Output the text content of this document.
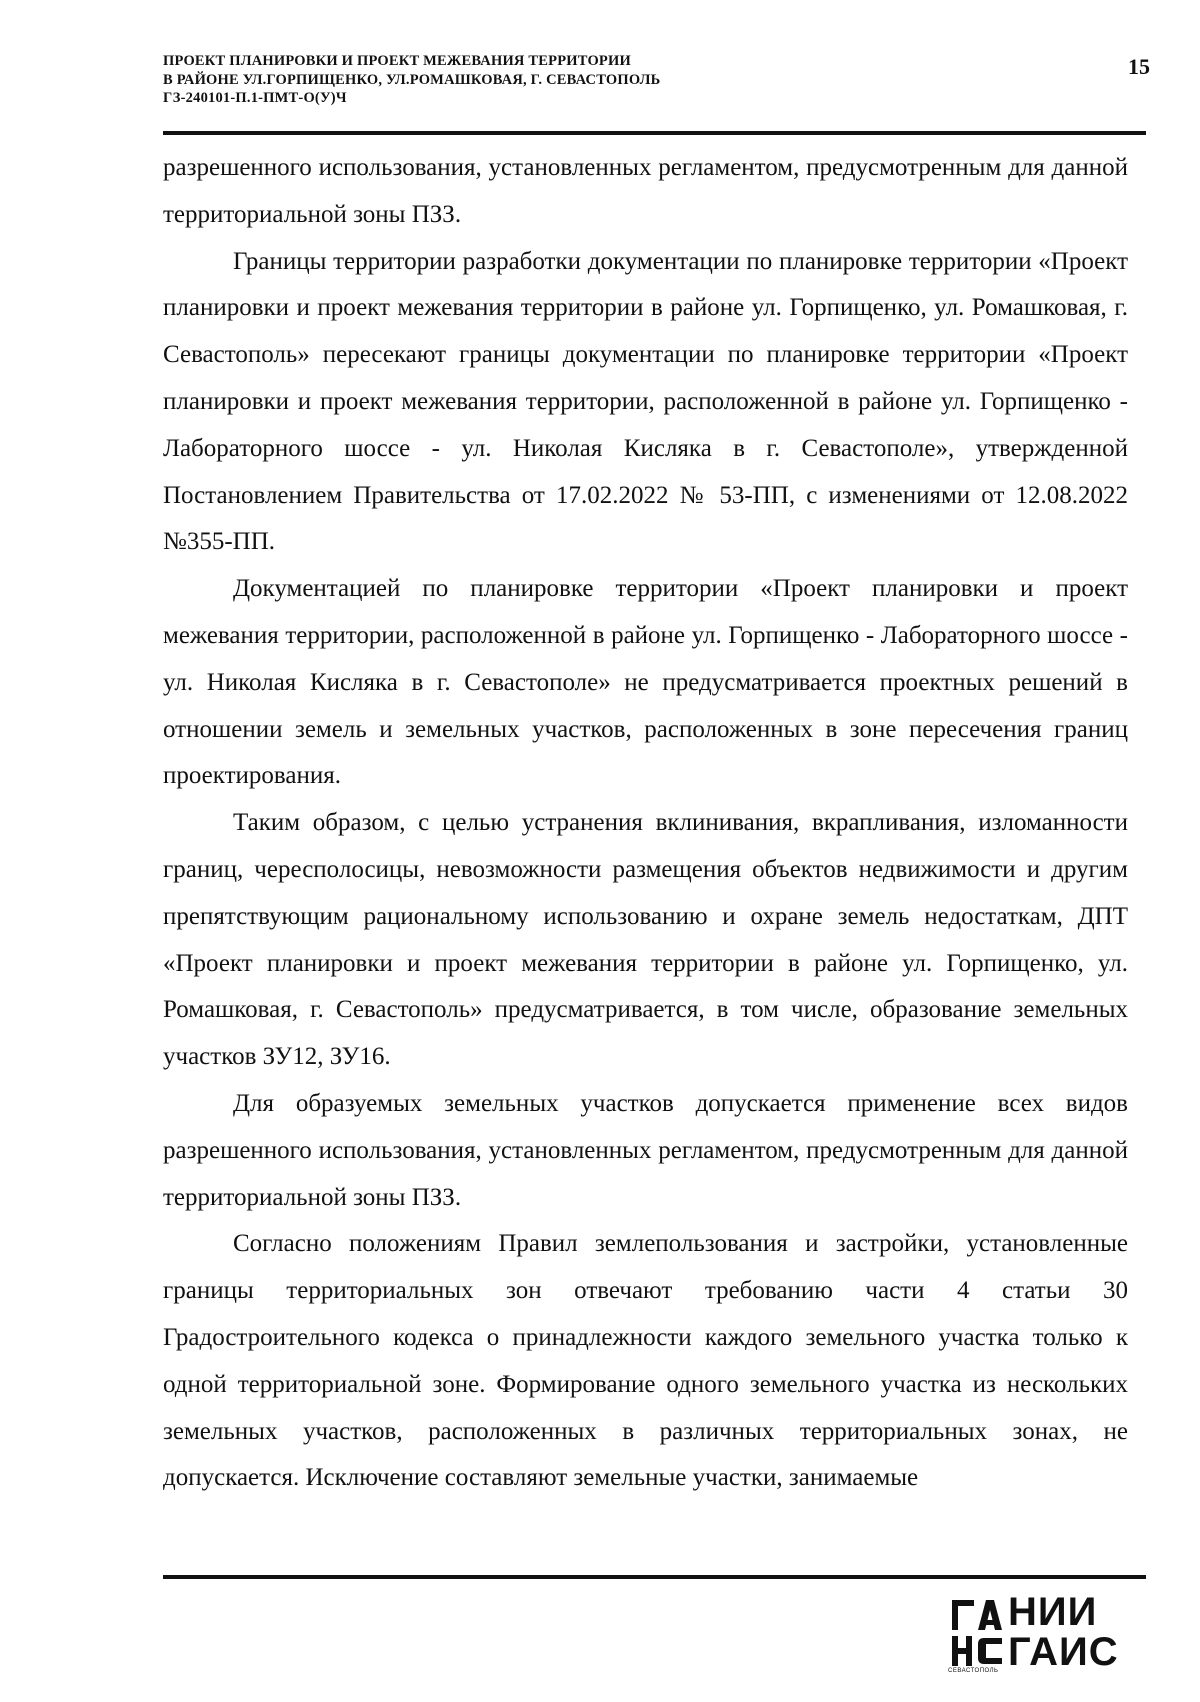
ПРОЕКТ ПЛАНИРОВКИ И ПРОЕКТ МЕЖЕВАНИЯ ТЕРРИТОРИИ
В РАЙОНЕ УЛ.ГОРПИЩЕНКО, УЛ.РОМАШКОВАЯ, Г. СЕВАСТОПОЛЬ
ГЗ-240101-П.1-ПМТ-О(У)Ч
15

разрешенного использования, установленных регламентом, предусмотренным для данной территориальной зоны ПЗЗ.

Границы территории разработки документации по планировке территории «Проект планировки и проект межевания территории в районе ул. Горпищенко, ул. Ромашковая, г. Севастополь» пересекают границы документации по планировке территории «Проект планировки и проект межевания территории, расположенной в районе ул. Горпищенко - Лабораторного шоссе - ул. Николая Кисляка в г. Севастополе», утвержденной Постановлением Правительства от 17.02.2022 № 53-ПП, с изменениями от 12.08.2022 №355-ПП.

Документацией по планировке территории «Проект планировки и проект межевания территории, расположенной в районе ул. Горпищенко - Лабораторного шоссе - ул. Николая Кисляка в г. Севастополе» не предусматривается проектных решений в отношении земель и земельных участков, расположенных в зоне пересечения границ проектирования.

Таким образом, с целью устранения вклинивания, вкрапливания, изломанности границ, чересполосицы, невозможности размещения объектов недвижимости и другим препятствующим рациональному использованию и охране земель недостаткам, ДПТ «Проект планировки и проект межевания территории в районе ул. Горпищенко, ул. Ромашковая, г. Севастополь» предусматривается, в том числе, образование земельных участков ЗУ12, ЗУ16.

Для образуемых земельных участков допускается применение всех видов разрешенного использования, установленных регламентом, предусмотренным для данной территориальной зоны ПЗЗ.

Согласно положениям Правил землепользования и застройки, установленные границы территориальных зон отвечают требованию части 4 статьи 30 Градостроительного кодекса о принадлежности каждого земельного участка только к одной территориальной зоне. Формирование одного земельного участка из нескольких земельных участков, расположенных в различных территориальных зонах, не допускается. Исключение составляют земельные участки, занимаемые

НИИ
ГАИС
СЕВАСТОПОЛЬ
